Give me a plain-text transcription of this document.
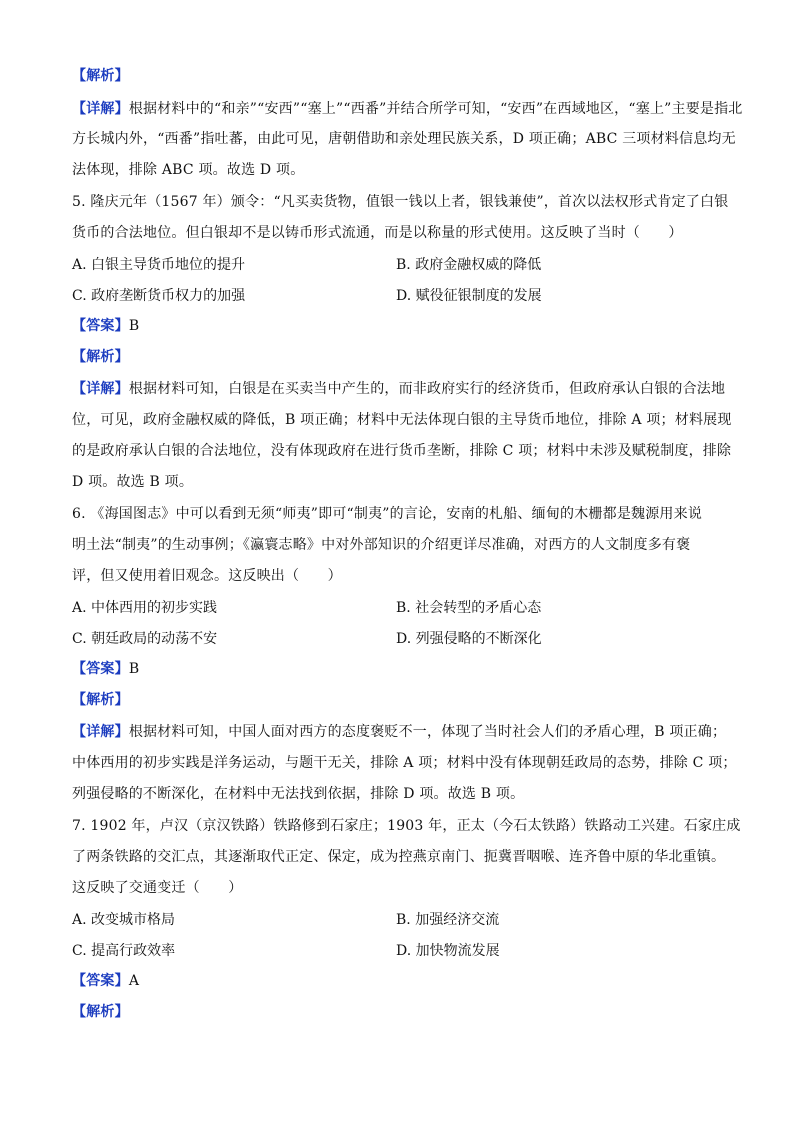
【解析】
【详解】根据材料中的“和亲”“安西”“塞上”“西番”并结合所学可知，“安西”在西域地区，“塞上”主要是指北
方长城内外，“西番”指吐蕃，由此可见，唐朝借助和亲处理民族关系，D 项正确；ABC 三项材料信息均无
法体现，排除 ABC 项。故选 D 项。
5. 隆庆元年（1567 年）颁令：“凡买卖货物，值银一钱以上者，银钱兼使”，首次以法权形式肯定了白银
货币的合法地位。但白银却不是以铸币形式流通，而是以称量的形式使用。这反映了当时（　　）
A. 白银主导货币地位的提升	B. 政府金融权威的降低
C. 政府垄断货币权力的加强	D. 赋役征银制度的发展
【答案】B
【解析】
【详解】根据材料可知，白银是在买卖当中产生的，而非政府实行的经济货币，但政府承认白银的合法地
位，可见，政府金融权威的降低，B 项正确；材料中无法体现白银的主导货币地位，排除 A 项；材料展现
的是政府承认白银的合法地位，没有体现政府在进行货币垄断，排除 C 项；材料中未涉及赋税制度，排除
D 项。故选 B 项。
6. 《海国图志》中可以看到无须“师夷”即可“制夷”的言论，安南的札船、缅甸的木栅都是魏源用来说
明土法“制夷”的生动事例；《瀛寰志略》中对外部知识的介绍更详尽准确，对西方的人文制度多有褒
评，但又使用着旧观念。这反映出（　　）
A. 中体西用的初步实践	B. 社会转型的矛盾心态
C. 朝廷政局的动荡不安	D. 列强侵略的不断深化
【答案】B
【解析】
【详解】根据材料可知，中国人面对西方的态度褒贬不一，体现了当时社会人们的矛盾心理，B 项正确；
中体西用的初步实践是洋务运动，与题干无关，排除 A 项；材料中没有体现朝廷政局的态势，排除 C 项；
列强侵略的不断深化，在材料中无法找到依据，排除 D 项。故选 B 项。
7. 1902 年，卢汉（京汉铁路）铁路修到石家庄；1903 年，正太（今石太铁路）铁路动工兴建。石家庄成
了两条铁路的交汇点，其逐渐取代正定、保定，成为控燕京南门、扼冀晋咽喉、连齐鲁中原的华北重镇。
这反映了交通变迁（　　）
A. 改变城市格局	B. 加强经济交流
C. 提高行政效率	D. 加快物流发展
【答案】A
【解析】
